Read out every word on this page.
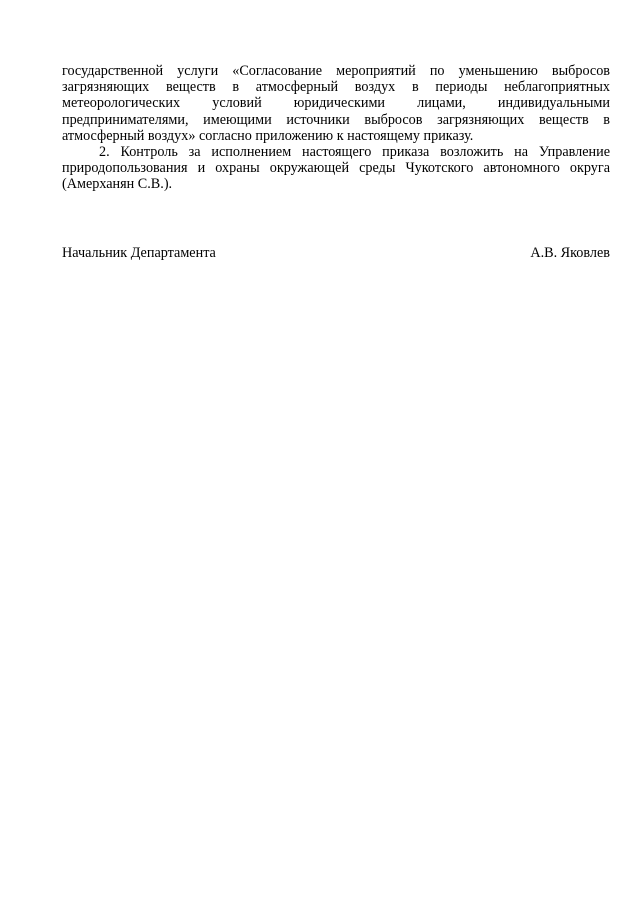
государственной услуги «Согласование мероприятий по уменьшению выбросов загрязняющих веществ в атмосферный воздух в периоды неблагоприятных метеорологических условий юридическими лицами, индивидуальными предпринимателями, имеющими источники выбросов загрязняющих веществ в атмосферный воздух» согласно приложению к настоящему приказу.

2. Контроль за исполнением настоящего приказа возложить на Управление природопользования и охраны окружающей среды Чукотского автономного округа (Амерханян С.В.).

Начальник Департамента	А.В. Яковлев
